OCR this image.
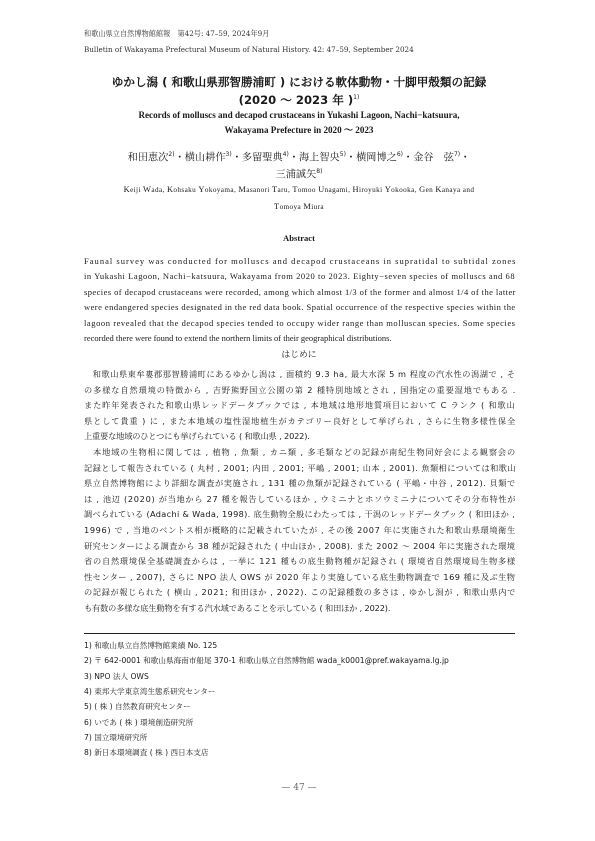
和歌山県立自然博物館館報　第42号: 47–59, 2024年9月
Bulletin of Wakayama Prefectural Museum of Natural History. 42: 47–59, September 2024
ゆかし潟 ( 和歌山県那智勝浦町 ) における軟体動物・十脚甲殻類の記録
(2020 ～ 2023 年 )$^{1)}$
Records of molluscs and decapod crustaceans in Yukashi Lagoon, Nachi−katsuura,
Wakayama Prefecture in 2020 ～ 2023
和田恵次$^{2)}$・横山耕作$^{3)}$・多留聖典$^{4)}$・海上智央$^{5)}$・横岡博之$^{6)}$・金谷　弦$^{7)}$・
三浦誠矢$^{8)}$
Keiji Wada, Kohsaku Yokoyama, Masanori Taru, Tomoo Unagami, Hiroyuki Yokooka, Gen Kanaya and
Tomoya Miura
Abstract
Faunal survey was conducted for molluscs and decapod crustaceans in supratidal to subtidal zones
in Yukashi Lagoon, Nachi−katsuura, Wakayama from 2020 to 2023. Eighty−seven species of molluscs and 68
species of decapod crustaceans were recorded, among which almost 1/3 of the former and almost 1/4 of the latter
were endangered species designated in the red data book. Spatial occurrence of the respective species within the
lagoon revealed that the decapod species tended to occupy wider range than molluscan species. Some species
recorded there were found to extend the northern limits of their geographical distributions.
はじめに
　和歌山県東牟婁郡那智勝浦町にあるゆかし潟は , 面積約 9.3 ha, 最大水深 5 m 程度の汽水性の潟湖で , そ
の多様な自然環境の特徴から , 吉野熊野国立公園の第 2 種特別地域とされ , 国指定の重要湿地でもある .
また昨年発表された和歌山県レッドデータブックでは , 本地域は地形地質項目において C ランク ( 和歌山
県として貴重 ) に , また本地域の塩性湿地植生がカテゴリー良好として挙げられ , さらに生物多様性保全
上重要な地域のひとつにも挙げられている ( 和歌山県 , 2022).
　本地域の生物相に関しては , 植物 , 魚類 , カニ類 , 多毛類などの記録が南紀生物同好会による観察会の
記録として報告されている ( 丸村 , 2001; 内田 , 2001; 平嶋 , 2001; 山本 , 2001). 魚類相については和歌山
県立自然博物館により詳細な調査が実施され , 131 種の魚類が記録されている ( 平嶋・中谷 , 2012). 貝類で
は , 池辺 (2020) が当地から 27 種を報告しているほか , ウミニナとホソウミニナについてその分布特性が
調べられている (Adachi & Wada, 1998). 底生動物全般にわたっては , 干潟のレッドデータブック ( 和田ほか ,
1996) で , 当地のベントス相が概略的に記載されていたが , その後 2007 年に実施された和歌山県環境衛生
研究センターによる調査から 38 種が記録された ( 中山ほか , 2008). また 2002 ～ 2004 年に実施された環境
省の自然環境保全基礎調査からは , 一挙に 121 種もの底生動物種が記録され ( 環境省自然環境局生物多様
性センター , 2007), さらに NPO 法人 OWS が 2020 年より実施している底生動物調査で 169 種に及ぶ生物
の記録が報じられた ( 横山 , 2021; 和田ほか , 2022). この記録種数の多さは , ゆかし潟が , 和歌山県内で
も有数の多様な底生動物を有する汽水域であることを示している ( 和田ほか , 2022).
1) 和歌山県立自然博物館業績 No. 125
2) 〒 642-0001 和歌山県海南市船尾 370-1 和歌山県立自然博物館 wada_k0001@pref.wakayama.lg.jp
3) NPO 法人 OWS
4) 東邦大学東京湾生態系研究センター
5) ( 株 ) 自然教育研究センター
6) いであ ( 株 ) 環境創造研究所
7) 国立環境研究所
8) 新日本環境調査 ( 株 ) 西日本支店
— 47 —
